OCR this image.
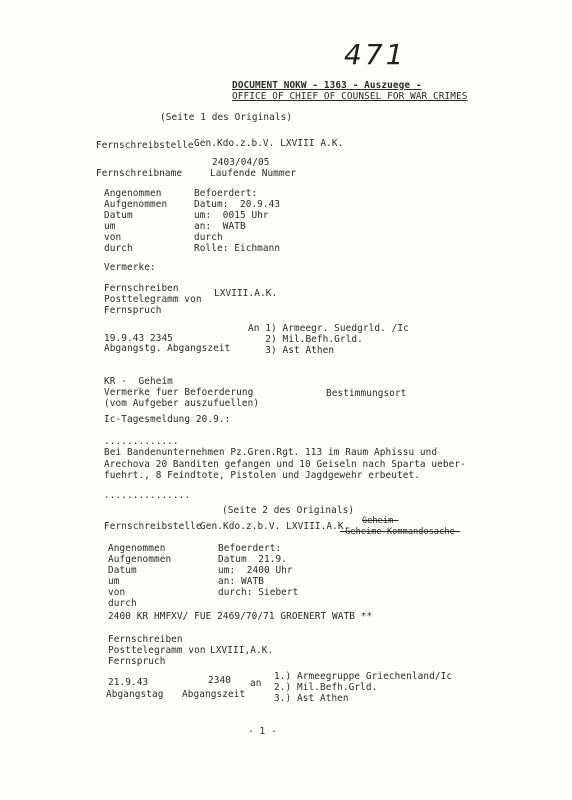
471
DOCUMENT NOKW - 1363 - Auszuege -
OFFICE OF CHIEF OF COUNSEL FOR WAR CRIMES
(Seite 1 des Originals)
Fernschreibstelle Gen.Kdo.z.b.V. LXVIII A.K.
2403/04/05
Fernschreibname	Laufende Nummer
Angenommen
Aufgenommen
Datum
um
von
durch
Befoerdert:
Datum:  20.9.43
um:  0015 Uhr
an:  WATB
durch
Rolle: Eichmann
Vermerke:
Fernschreiben
Posttelegramm von
Fernspruch
LXVIII.A.K.
19.9.43 2345
Abgangstg. Abgangszeit
An 1) Armeegr. Suedgrld. /Ic
2) Mil.Befh.Grld.
3) Ast Athen
KR -  Geheim
Vermerke fuer Befoerderung
(vom Aufgeber auszufuellen)
Bestimmungsort
Ic-Tagesmeldung 20.9.:
.............
Bei Bandenunternehmen Pz.Gren.Rgt. 113 im Raum Aphissu und
Arechova 20 Banditen gefangen und 10 Geiseln nach Sparta ueber-
fuehrt., 8 Feindtote, Pistolen und Jagdgewehr erbeutet.
...............
(Seite 2 des Originals)
Fernschreibstelle
Gen.Kdo.z.b.V. LXVIII.A.K. Geheim-
-Geheime-Kommandosache-
Angenommen
Aufgenommen
Datum
um
von
durch
Befoerdert:
Datum  21.9.
um:  2400 Uhr
an: WATB
durch: Siebert
2400 KR HMFXV/ FUE 2469/70/71 GROENERT WATB **
Fernschreiben
Posttelegramm von
Fernspruch
LXVIII,A.K.
21.9.43
Abgangstag
2340
Abgangszeit
an
1.) Armeegruppe Griechenland/Ic
2.) Mil.Befh.Grld.
3.) Ast Athen
- 1 -
